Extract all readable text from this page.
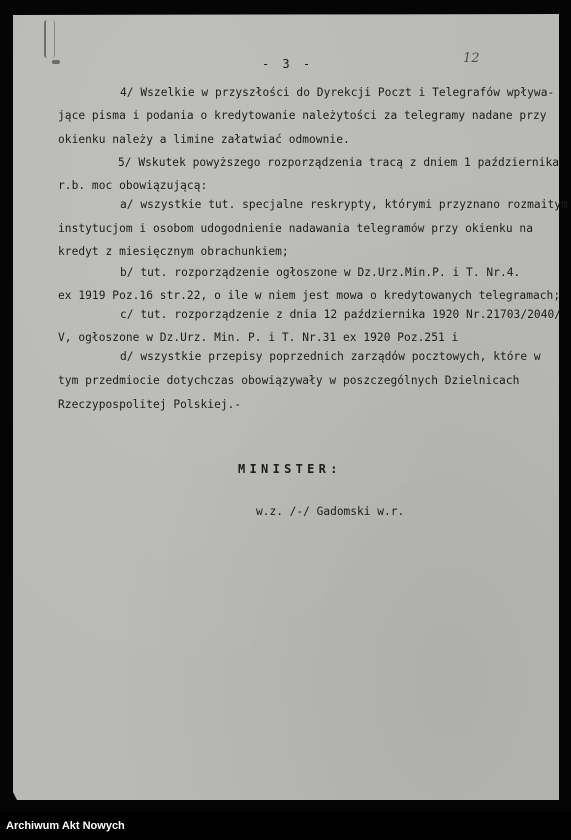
- 3 -	12
4/ Wszelkie w przyszłości do Dyrekcji Poczt i Telegrafów wpływa-
jące pisma i podania o kredytowanie należytości za telegramy nadane przy
okienku należy a limine załatwiać odmownie.
5/ Wskutek powyższego rozporządzenia tracą z dniem 1 października
r.b. moc obowiązującą:
a/ wszystkie tut. specjalne reskrypty, którymi przyznano rozmaitym
instytucjom i osobom udogodnienie nadawania telegramów przy okienku na
kredyt z miesięcznym obrachunkiem;
b/ tut. rozporządzenie ogłoszone w Dz.Urz.Min.P. i T. Nr.4.
ex 1919 Poz.16 str.22, o ile w niem jest mowa o kredytowanych telegramach;
c/ tut. rozporządzenie z dnia 12 października 1920 Nr.21703/2040/
V, ogłoszone w Dz.Urz. Min. P. i T. Nr.31 ex 1920 Poz.251 i
d/ wszystkie przepisy poprzednich zarządów pocztowych, które w
tym przedmiocie dotychczas obowiązywały w poszczególnych Dzielnicach
Rzeczypospolitej Polskiej.-
MINISTER:
w.z. /-/ Gadomski w.r.
Archiwum Akt Nowych
